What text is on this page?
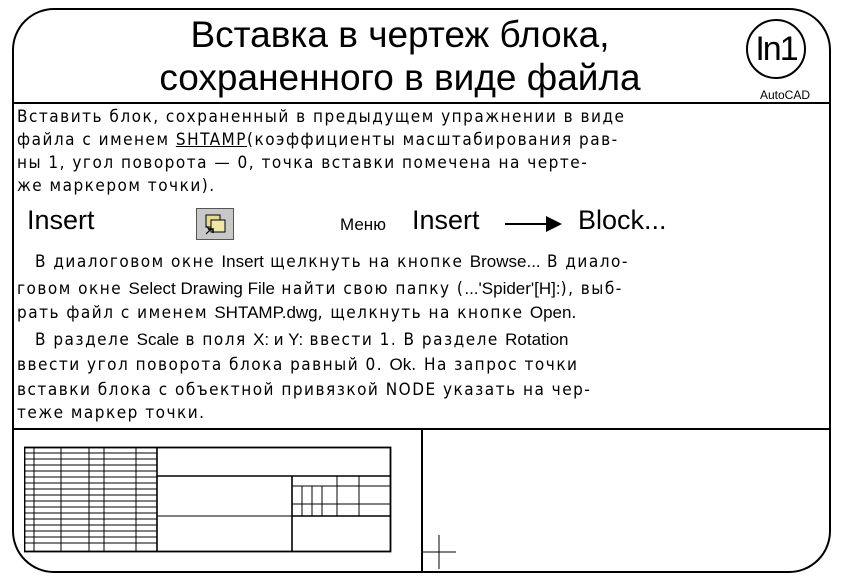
Вставка в чертеж блока,
сохраненного в виде файла
In1
AutoCAD
Вставить блок, сохраненный в предыдущем упражнении в виде
файла с именем SHTAMP(коэффициенты масштабирования рав-
ны 1, угол поворота — 0, точка вставки помечена на черте-
же маркером точки).
Insert	Меню Insert	Block...
В диалоговом окне Insert щелкнуть на кнопке Browse... В диало-
говом окне Select Drawing File найти свою папку (...'Spider'[H]:), выб-
рать файл с именем SHTAMP.dwg, щелкнуть на кнопке Open.
В разделе Scale в поля X: и Y: ввести 1. В разделе Rotation
ввести угол поворота блока равный 0. Ok. На запрос точки
вставки блока с объектной привязкой NODE указать на чер-
теже маркер точки.
